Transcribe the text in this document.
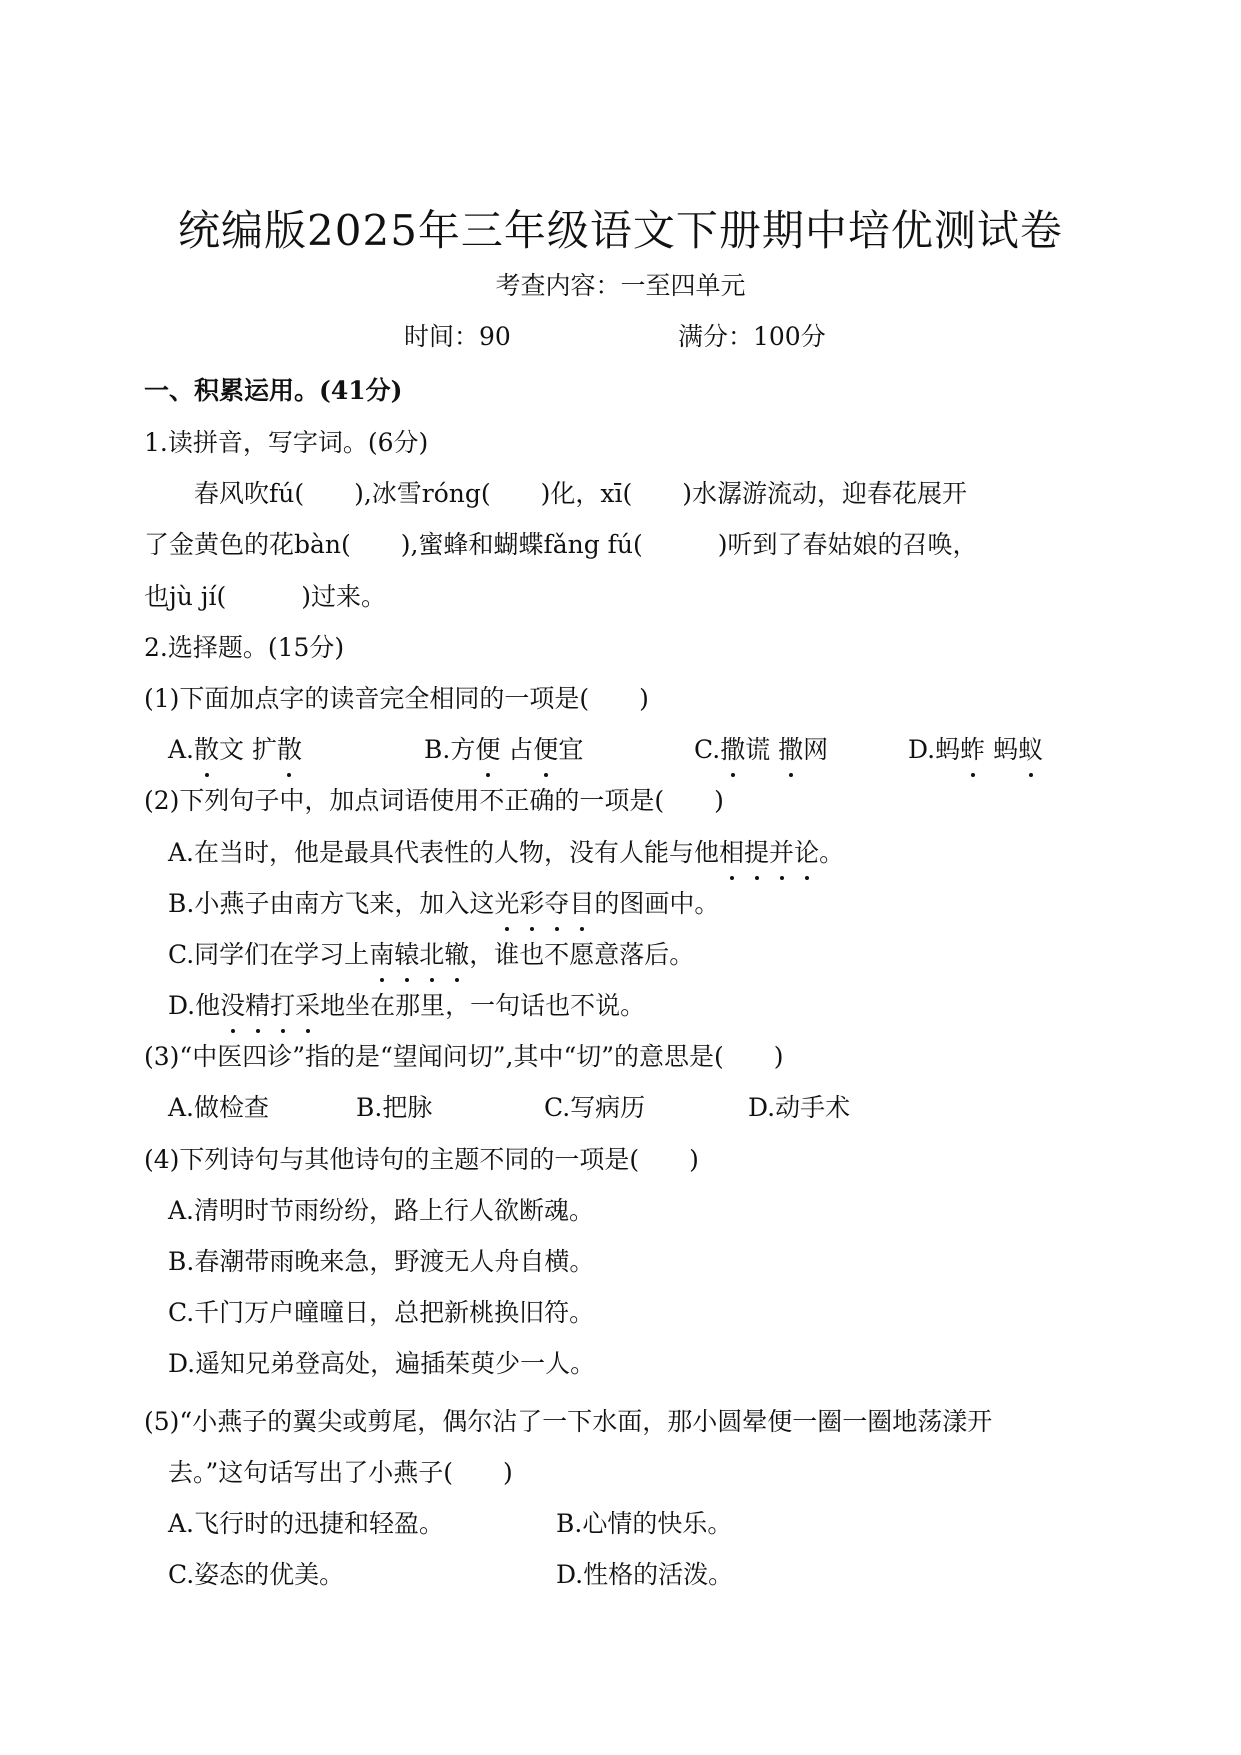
统编版2025年三年级语文下册期中培优测试卷
考查内容：一至四单元
时间：90	满分：100分
一、积累运用。(41分)
1.读拼音，写字词。(6分)
春风吹fú(　　),冰雪róng(　　)化，xī(　　)水潺游流动，迎春花展开
了金黄色的花bàn(　　),蜜蜂和蝴蝶fǎng fú(　　　)听到了春姑娘的召唤，
也jù jí(　　　)过来。
2.选择题。(15分)
(1)下面加点字的读音完全相同的一项是(　　)
A.散文 扩散	B.方便 占便宜	C.撒谎 撒网	D.蚂蚱 蚂蚁
(2)下列句子中，加点词语使用不正确的一项是(　　)
A.在当时，他是最具代表性的人物，没有人能与他相提并论。
B.小燕子由南方飞来，加入这光彩夺目的图画中。
C.同学们在学习上南辕北辙，谁也不愿意落后。
D.他没精打采地坐在那里，一句话也不说。
(3)“中医四诊”指的是“望闻问切”,其中“切”的意思是(　　)
A.做检查	B.把脉	C.写病历	D.动手术
(4)下列诗句与其他诗句的主题不同的一项是(　　)
A.清明时节雨纷纷，路上行人欲断魂。
B.春潮带雨晚来急，野渡无人舟自横。
C.千门万户曈曈日，总把新桃换旧符。
D.遥知兄弟登高处，遍插茱萸少一人。
(5)“小燕子的翼尖或剪尾，偶尔沾了一下水面，那小圆晕便一圈一圈地荡漾开
去。”这句话写出了小燕子(　　)
A.飞行时的迅捷和轻盈。	B.心情的快乐。
C.姿态的优美。	D.性格的活泼。
